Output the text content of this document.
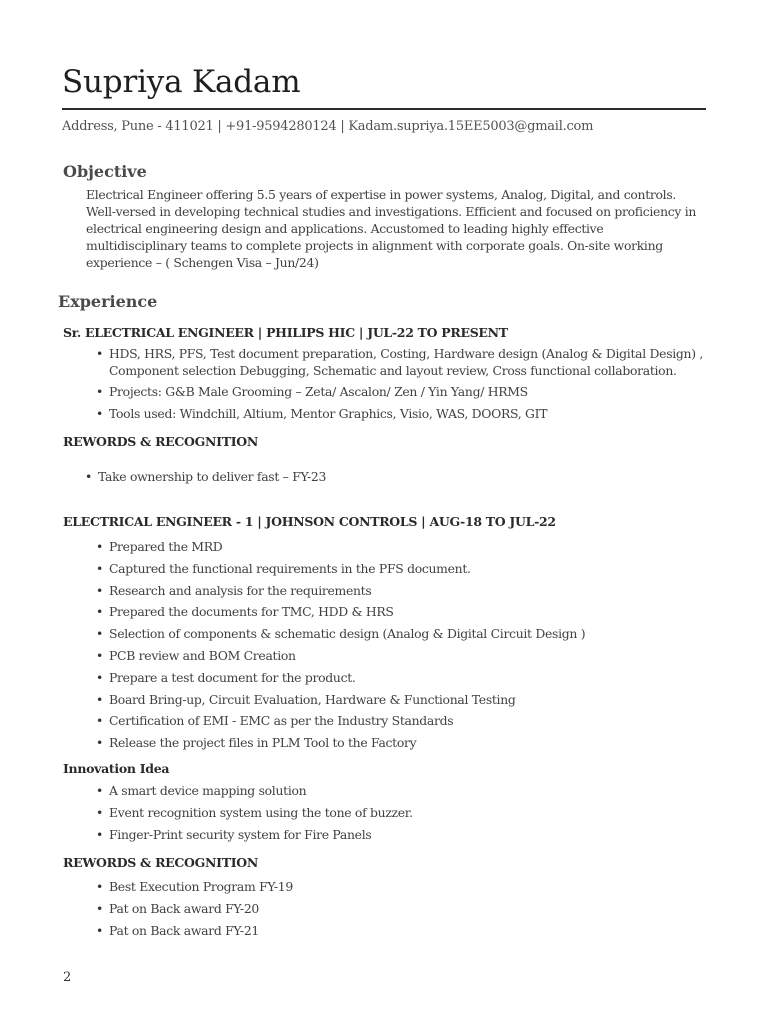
Supriya Kadam
Address, Pune - 411021 | +91-9594280124 | Kadam.supriya.15EE5003@gmail.com
Objective

Electrical Engineer offering 5.5 years of expertise in power systems, Analog, Digital, and controls. Well-versed in developing technical studies and investigations. Efficient and focused on proficiency in electrical engineering design and applications. Accustomed to leading highly effective multidisciplinary teams to complete projects in alignment with corporate goals. On-site working experience – ( Schengen Visa – Jun/24)

Experience
Sr. ELECTRICAL ENGINEER | PHILIPS HIC | JUL-22 TO PRESENT
• HDS, HRS, PFS, Test document preparation, Costing, Hardware design (Analog & Digital Design) , Component selection Debugging, Schematic and layout review, Cross functional collaboration.
• Projects: G&B Male Grooming – Zeta/ Ascalon/ Zen / Yin Yang/ HRMS
• Tools used: Windchill, Altium, Mentor Graphics, Visio, WAS, DOORS, GIT
REWORDS & RECOGNITION
• Take ownership to deliver fast – FY-23
ELECTRICAL ENGINEER - 1 | JOHNSON CONTROLS | AUG-18 TO JUL-22
• Prepared the MRD
• Captured the functional requirements in the PFS document.
• Research and analysis for the requirements
• Prepared the documents for TMC, HDD & HRS
• Selection of components & schematic design (Analog & Digital Circuit Design )
• PCB review and BOM Creation
• Prepare a test document for the product.
• Board Bring-up, Circuit Evaluation, Hardware & Functional Testing
• Certification of EMI - EMC as per the Industry Standards
• Release the project files in PLM Tool to the Factory
Innovation Idea
• A smart device mapping solution
• Event recognition system using the tone of buzzer.
• Finger-Print security system for Fire Panels
REWORDS & RECOGNITION
• Best Execution Program FY-19
• Pat on Back award FY-20
• Pat on Back award FY-21
2
